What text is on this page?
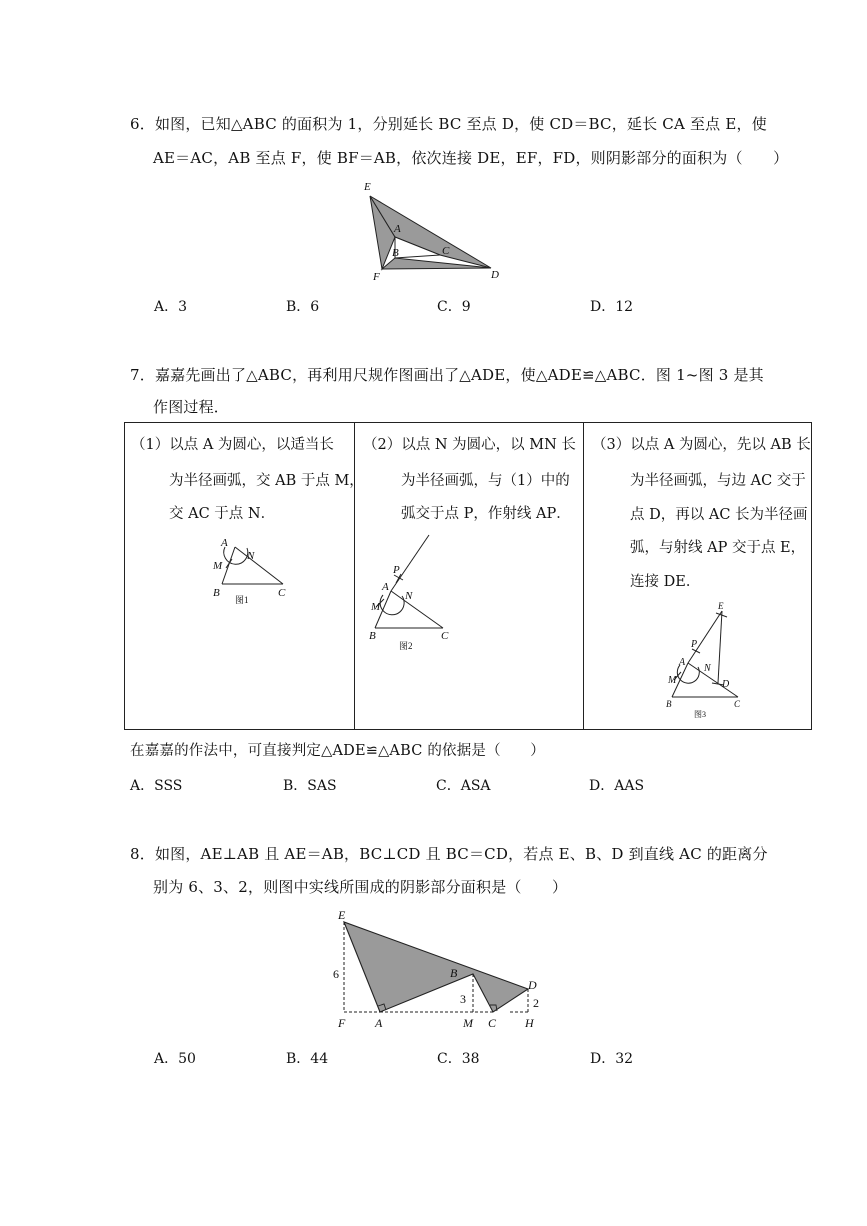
6．如图，已知△ABC 的面积为 1，分别延长 BC 至点 D，使 CD＝BC，延长 CA 至点 E，使
AE＝AC，AB 至点 F，使 BF＝AB，依次连接 DE，EF，FD，则阴影部分的面积为（　　）
E
A
B	C
F	D
A．3	B．6	C．9	D．12
7．嘉嘉先画出了△ABC，再利用尺规作图画出了△ADE，使△ADE≌△ABC．图 1~图 3 是其
作图过程．
（1）以点 A 为圆心，以适当长
为半径画弧，交 AB 于点 M，
交 AC 于点 N．
A
N
M
B	C
图1
（2）以点 N 为圆心，以 MN 长
为半径画弧，与（1）中的
弧交于点 P，作射线 AP．
P
A
N
M
B	C
图2
（3）以点 A 为圆心，先以 AB 长
为半径画弧，与边 AC 交于
点 D，再以 AC 长为半径画
弧，与射线 AP 交于点 E，
连接 DE．
E
P
A
N
M	D
B	C
图3
在嘉嘉的作法中，可直接判定△ADE≌△ABC 的依据是（　　）
A．SSS	B．SAS	C．ASA	D．AAS
8．如图，AE⊥AB 且 AE＝AB，BC⊥CD 且 BC＝CD，若点 E、B、D 到直线 AC 的距离分
别为 6、3、2，则图中实线所围成的阴影部分面积是（　　）
E
B
D
6
3	2
F A	M C H
A．50	B．44	C．38	D．32
